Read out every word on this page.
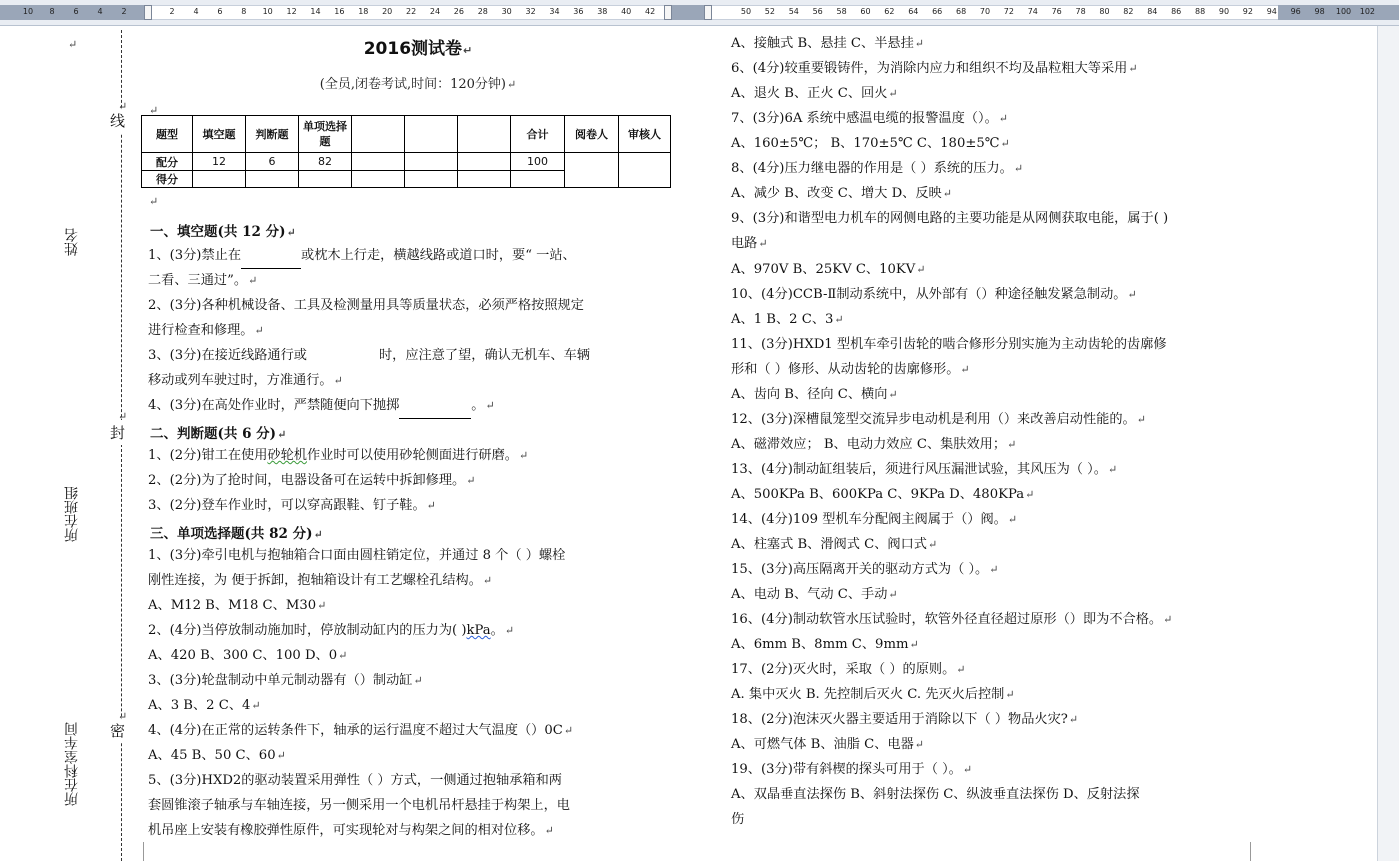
10 8 6 4 2	2 4 6 8 10 12 14 16 18 20 22 24 26 28 30 32 34 36 38 40 42	50 52 54 56 58 60 62 64 66 68 70 72 74 76 78 80 82 84 86 88 90 92 94 96 98 100 102
↵
线
封
密
↵
↵
↵
姓名
所在班组
所在科室车间
2016测试卷↵
(全员,闭卷考试,时间：120分钟)↵
↵
题型	填空题	判断题	单项选择题				合计	阅卷人	审核人
配分	12	6	82				100		
得分									
↵
一、填空题(共 12 分)↵
1、(3分)禁止在	或枕木上行走，横越线路或道口时，要“ 一站、
二看、三通过”。↵
2、(3分)各种机械设备、工具及检测量用具等质量状态，必须严格按照规定
进行检查和修理。↵
3、(3分)在接近线路通行或	时，应注意了望，确认无机车、车辆
移动或列车驶过时，方准通行。↵
4、(3分)在高处作业时，严禁随便向下抛掷	。↵
二、判断题(共 6 分)↵
1、(2分)钳工在使用砂轮机作业时可以使用砂轮侧面进行研磨。↵
2、(2分)为了抢时间，电器设备可在运转中拆卸修理。↵
3、(2分)登车作业时，可以穿高跟鞋、钉子鞋。↵
三、单项选择题(共 82 分)↵
1、(3分)牵引电机与抱轴箱合口面由圆柱销定位，并通过 8 个（ ）螺栓
刚性连接，为 便于拆卸，抱轴箱设计有工艺螺栓孔结构。↵
A、M12 B、M18 C、M30↵
2、(4分)当停放制动施加时，停放制动缸内的压力为( )kPa。↵
A、420 B、300 C、100 D、0↵
3、(3分)轮盘制动中单元制动器有（）制动缸↵
A、3 B、2 C、4↵
4、(4分)在正常的运转条件下，轴承的运行温度不超过大气温度（）0C↵
A、45 B、50 C、60↵
5、(3分)HXD2的驱动装置采用弹性（ ）方式，一侧通过抱轴承箱和两
套圆锥滚子轴承与车轴连接，另一侧采用一个电机吊杆悬挂于构架上，电
机吊座上安装有橡胶弹性原件，可实现轮对与构架之间的相对位移。↵
A、接触式 B、悬挂 C、半悬挂↵
6、(4分)较重要锻铸件，为消除内应力和组织不均及晶粒粗大等采用↵
A、退火 B、正火 C、回火↵
7、(3分)6A 系统中感温电缆的报警温度（）。↵
A、160±5℃； B、170±5℃ C、180±5℃↵
8、(4分)压力继电器的作用是（ ）系统的压力。↵
A、减少 B、改变 C、增大 D、反映↵
9、(3分)和谐型电力机车的网侧电路的主要功能是从网侧获取电能，属于( )
电路↵
A、970V B、25KV C、10KV↵
10、(4分)CCB-Ⅱ制动系统中，从外部有（）种途径触发紧急制动。↵
A、1 B、2 C、3↵
11、(3分)HXD1 型机车牵引齿轮的啮合修形分别实施为主动齿轮的齿廓修
形和（ ）修形、从动齿轮的齿廓修形。↵
A、齿向 B、径向 C、横向↵
12、(3分)深槽鼠笼型交流异步电动机是利用（）来改善启动性能的。↵
A、磁滞效应； B、电动力效应 C、集肤效用；↵
13、(4分)制动缸组装后，须进行风压漏泄试验，其风压为（ ）。↵
A、500KPa B、600KPa C、9KPa D、480KPa↵
14、(4分)109 型机车分配阀主阀属于（）阀。↵
A、柱塞式 B、滑阀式 C、阀口式↵
15、(3分)高压隔离开关的驱动方式为（ ）。↵
A、电动 B、气动 C、手动↵
16、(4分)制动软管水压试验时，软管外径直径超过原形（）即为不合格。↵
A、6mm B、8mm C、9mm↵
17、(2分)灭火时，采取（ ）的原则。↵
A. 集中灭火 B. 先控制后灭火 C. 先灭火后控制↵
18、(2分)泡沫灭火器主要适用于消除以下（ ）物品火灾?↵
A、可燃气体 B、油脂 C、电器↵
19、(3分)带有斜楔的探头可用于（ ）。↵
A、双晶垂直法探伤 B、斜射法探伤 C、纵波垂直法探伤 D、反射法探
伤
